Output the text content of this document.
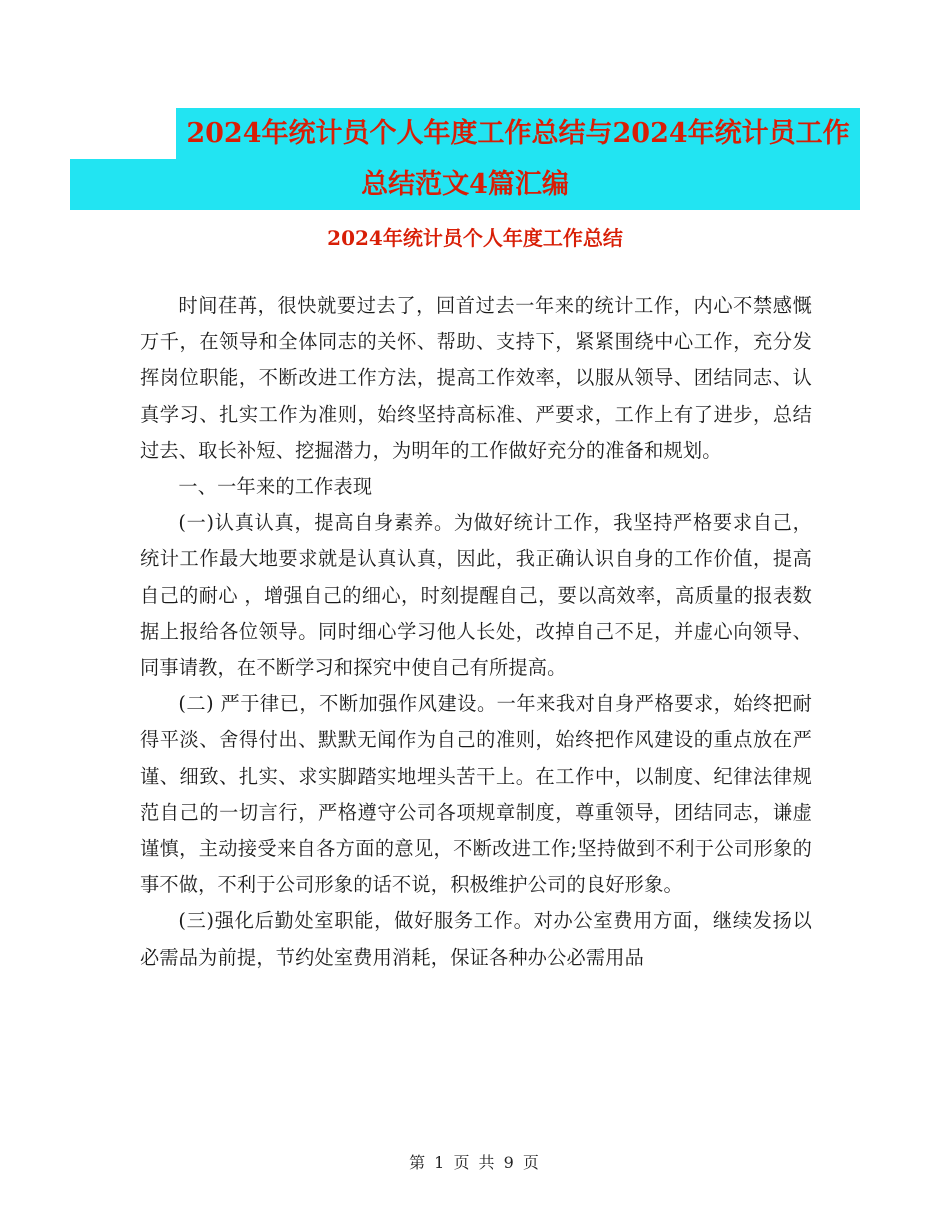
2024年统计员个人年度工作总结与2024年统计员工作
总结范文4篇汇编
2024年统计员个人年度工作总结

时间荏苒，很快就要过去了，回首过去一年来的统计工作，内心不禁感慨万千，在领导和全体同志的关怀、帮助、支持下，紧紧围绕中心工作，充分发挥岗位职能，不断改进工作方法，提高工作效率，以服从领导、团结同志、认真学习、扎实工作为准则，始终坚持高标准、严要求，工作上有了进步，总结过去、取长补短、挖掘潜力，为明年的工作做好充分的准备和规划。

一、一年来的工作表现

(一)认真认真，提高自身素养。为做好统计工作，我坚持严格要求自己，统计工作最大地要求就是认真认真，因此，我正确认识自身的工作价值，提高自己的耐心 ，增强自己的细心，时刻提醒自己，要以高效率，高质量的报表数据上报给各位领导。同时细心学习他人长处，改掉自己不足，并虚心向领导、同事请教，在不断学习和探究中使自己有所提高。

(二) 严于律已，不断加强作风建设。一年来我对自身严格要求，始终把耐得平淡、舍得付出、默默无闻作为自己的准则，始终把作风建设的重点放在严谨、细致、扎实、求实脚踏实地埋头苦干上。在工作中，以制度、纪律法律规范自己的一切言行，严格遵守公司各项规章制度，尊重领导，团结同志，谦虚谨慎，主动接受来自各方面的意见，不断改进工作;坚持做到不利于公司形象的事不做，不利于公司形象的话不说，积极维护公司的良好形象。

(三)强化后勤处室职能，做好服务工作。对办公室费用方面，继续发扬以必需品为前提，节约处室费用消耗，保证各种办公必需用品

第 1 页 共 9 页
